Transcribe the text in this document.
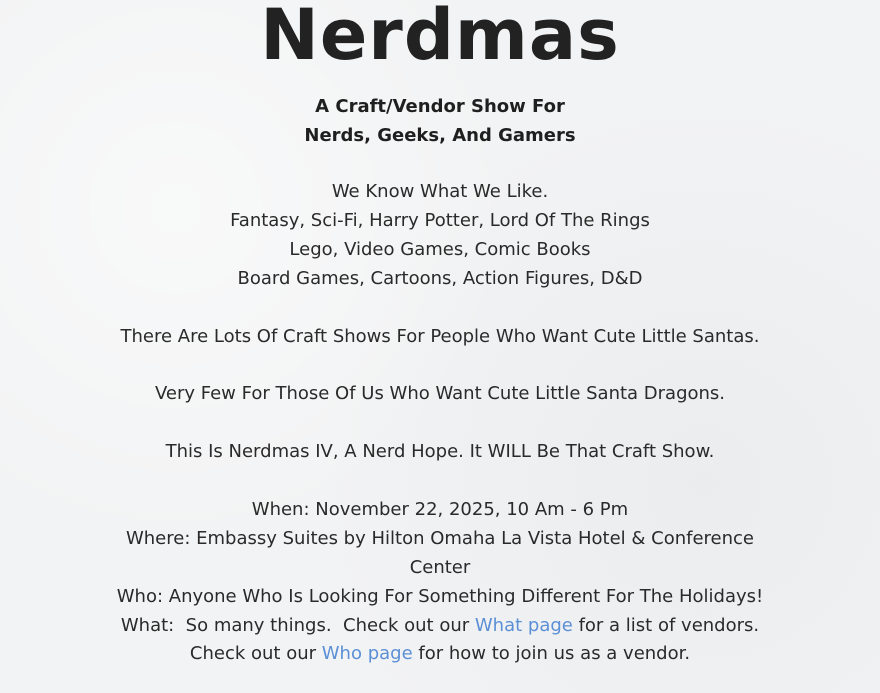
Nerdmas
A Craft/Vendor Show For
Nerds, Geeks, And Gamers
We Know What We Like.
Fantasy, Sci-Fi, Harry Potter, Lord Of The Rings
Lego, Video Games, Comic Books
Board Games, Cartoons, Action Figures, D&D
There Are Lots Of Craft Shows For People Who Want Cute Little Santas.
Very Few For Those Of Us Who Want Cute Little Santa Dragons.
This Is Nerdmas IV, A Nerd Hope. It WILL Be That Craft Show.
When: November 22, 2025, 10 Am - 6 Pm
Where: Embassy Suites by Hilton Omaha La Vista Hotel & Conference
Center
Who: Anyone Who Is Looking For Something Different For The Holidays!
What:  So many things.  Check out our What page for a list of vendors.
Check out our Who page for how to join us as a vendor.
